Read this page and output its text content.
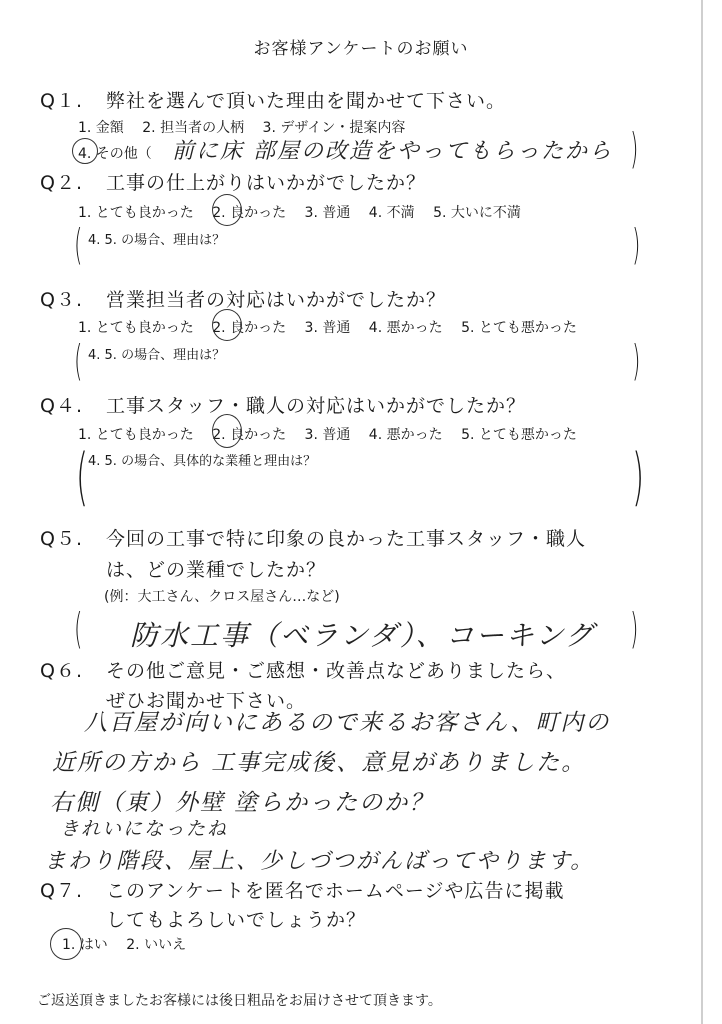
お客様アンケートのお願い
Q１. 弊社を選んで頂いた理由を聞かせて下さい。
1. 金額 2. 担当者の人柄 3. デザイン・提案内容
4. その他（ 前に床 部屋の改造をやってもらったから )
Q２. 工事の仕上がりはいかがでしたか？
1. とても良かった 2. 良かった 3. 普通 4. 不満 5. 大いに不満
( 4. 5. の場合、理由は？	)
Q３. 営業担当者の対応はいかがでしたか？
1. とても良かった 2. 良かった 3. 普通 4. 悪かった 5. とても悪かった
( 4. 5. の場合、理由は？	)
Q４. 工事スタッフ・職人の対応はいかがでしたか？
1. とても良かった 2. 良かった 3. 普通 4. 悪かった 5. とても悪かった
( 4. 5. の場合、具体的な業種と理由は？	)
Q５. 今回の工事で特に印象の良かった工事スタッフ・職人
は、どの業種でしたか？
(例：大工さん、クロス屋さん…など)
( 防水工事（ベランダ）、コーキング )
Q６. その他ご意見・ご感想・改善点などありましたら、
ぜひお聞かせ下さい。
八百屋が向いにあるので来るお客さん、町内の
近所の方から 工事完成後、意見がありました。
右側（東）外壁 塗らかったのか？
きれいになったね
まわり階段、屋上、少しづつがんばってやります。
Q７. このアンケートを匿名でホームページや広告に掲載
してもよろしいでしょうか？
1. はい 2. いいえ
ご返送頂きましたお客様には後日粗品をお届けさせて頂きます。
